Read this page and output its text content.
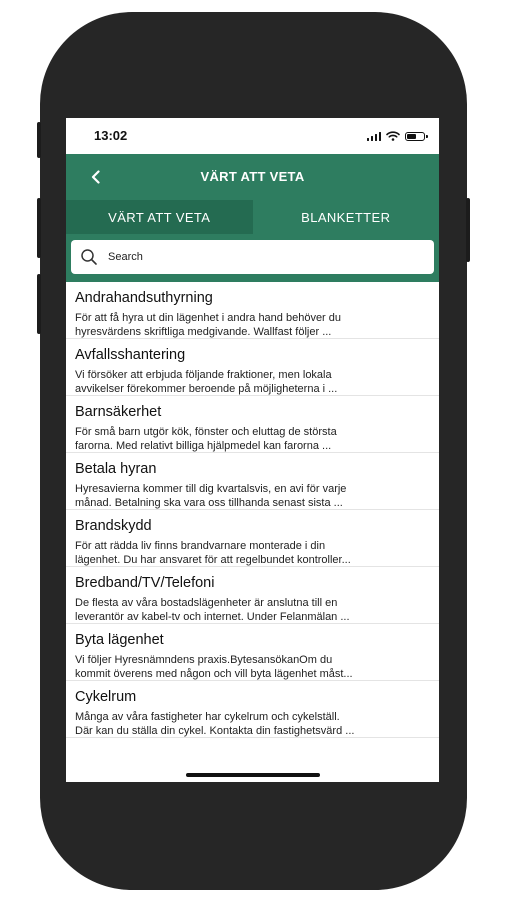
13:02
VÄRT ATT VETA
VÄRT ATT VETA	BLANKETTER
Search
Andrahandsuthyrning
För att få hyra ut din lägenhet i andra hand behöver du
hyresvärdens skriftliga medgivande. Wallfast följer ...
Avfallsshantering
Vi försöker att erbjuda följande fraktioner, men lokala
avvikelser förekommer beroende på möjligheterna i ...
Barnsäkerhet
För små barn utgör kök, fönster och eluttag de största
farorna. Med relativt billiga hjälpmedel kan farorna ...
Betala hyran
Hyresavierna kommer till dig kvartalsvis, en avi för varje
månad. Betalning ska vara oss tillhanda senast sista ...
Brandskydd
För att rädda liv finns brandvarnare monterade i din
lägenhet. Du har ansvaret för att regelbundet kontroller...
Bredband/TV/Telefoni
De flesta av våra bostadslägenheter är anslutna till en
leverantör av kabel-tv och internet. Under Felanmälan ...
Byta lägenhet
Vi följer Hyresnämndens praxis.BytesansökanOm du
kommit överens med någon och vill byta lägenhet måst...
Cykelrum
Många av våra fastigheter har cykelrum och cykelställ.
Där kan du ställa din cykel. Kontakta din fastighetsvärd ...
